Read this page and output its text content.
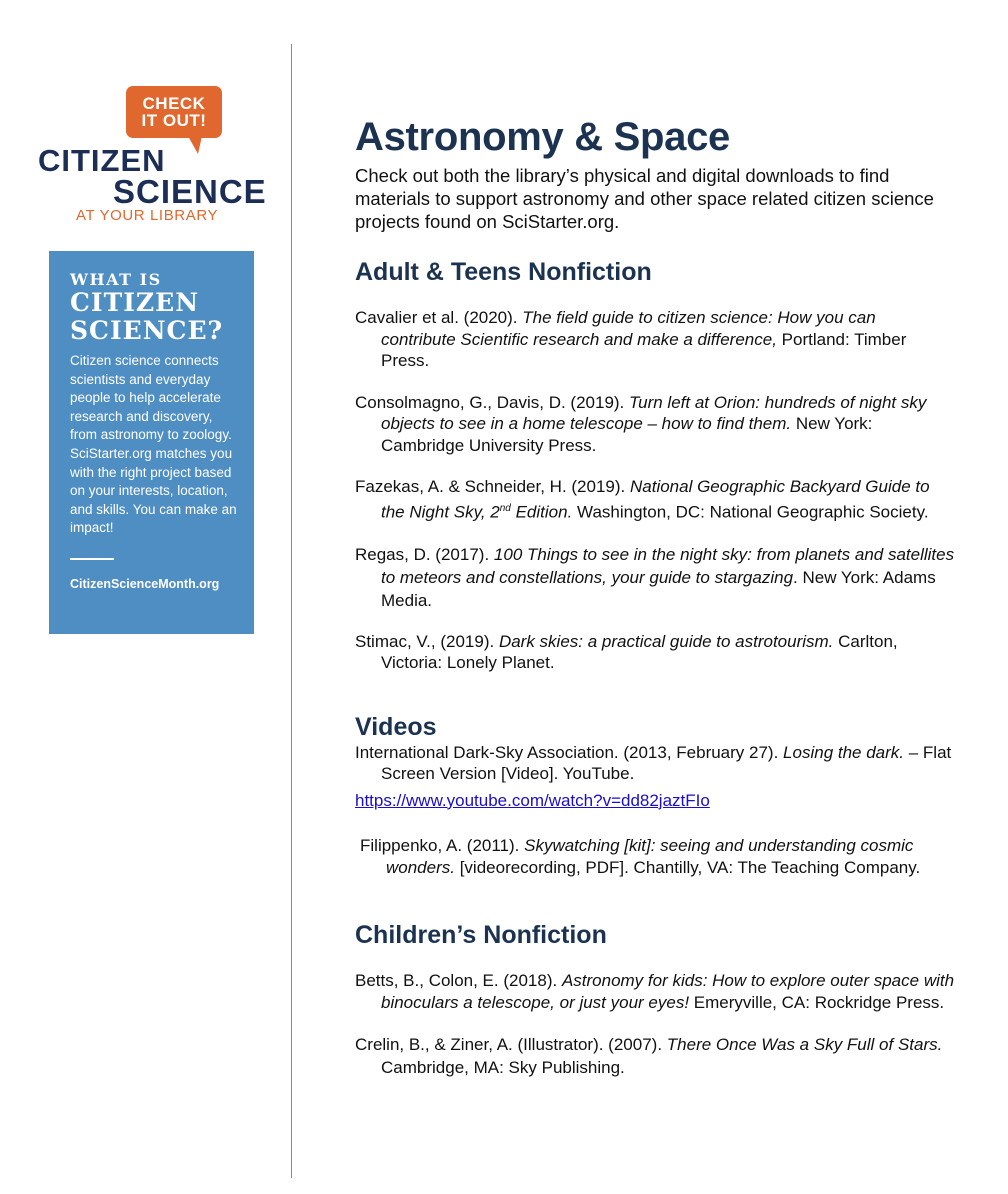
CHECK
IT OUT!
CITIZEN
SCIENCE
AT YOUR LIBRARY
WHAT IS
CITIZEN
SCIENCE?
Citizen science connects scientists and everyday people to help accelerate research and discovery, from astronomy to zoology. SciStarter.org matches you with the right project based on your interests, location, and skills. You can make an impact!
CitizenScienceMonth.org
Astronomy & Space
Check out both the library’s physical and digital downloads to find materials to support astronomy and other space related citizen science projects found on SciStarter.org.
Adult & Teens Nonfiction
Cavalier et al. (2020). The field guide to citizen science: How you can contribute Scientific research and make a difference, Portland: Timber Press.
Consolmagno, G., Davis, D. (2019). Turn left at Orion: hundreds of night sky objects to see in a home telescope – how to find them. New York: Cambridge University Press.
Fazekas, A. & Schneider, H. (2019). National Geographic Backyard Guide to the Night Sky, 2nd Edition. Washington, DC: National Geographic Society.
Regas, D. (2017). 100 Things to see in the night sky: from planets and satellites to meteors and constellations, your guide to stargazing. New York: Adams Media.
Stimac, V., (2019). Dark skies: a practical guide to astrotourism. Carlton, Victoria: Lonely Planet.
Videos
International Dark-Sky Association. (2013, February 27). Losing the dark. – Flat Screen Version [Video]. YouTube.
https://www.youtube.com/watch?v=dd82jaztFIo
Filippenko, A. (2011). Skywatching [kit]: seeing and understanding cosmic wonders. [videorecording, PDF]. Chantilly, VA: The Teaching Company.
Children’s Nonfiction
Betts, B., Colon, E. (2018). Astronomy for kids: How to explore outer space with binoculars a telescope, or just your eyes! Emeryville, CA: Rockridge Press.
Crelin, B., & Ziner, A. (Illustrator). (2007). There Once Was a Sky Full of Stars. Cambridge, MA: Sky Publishing.
